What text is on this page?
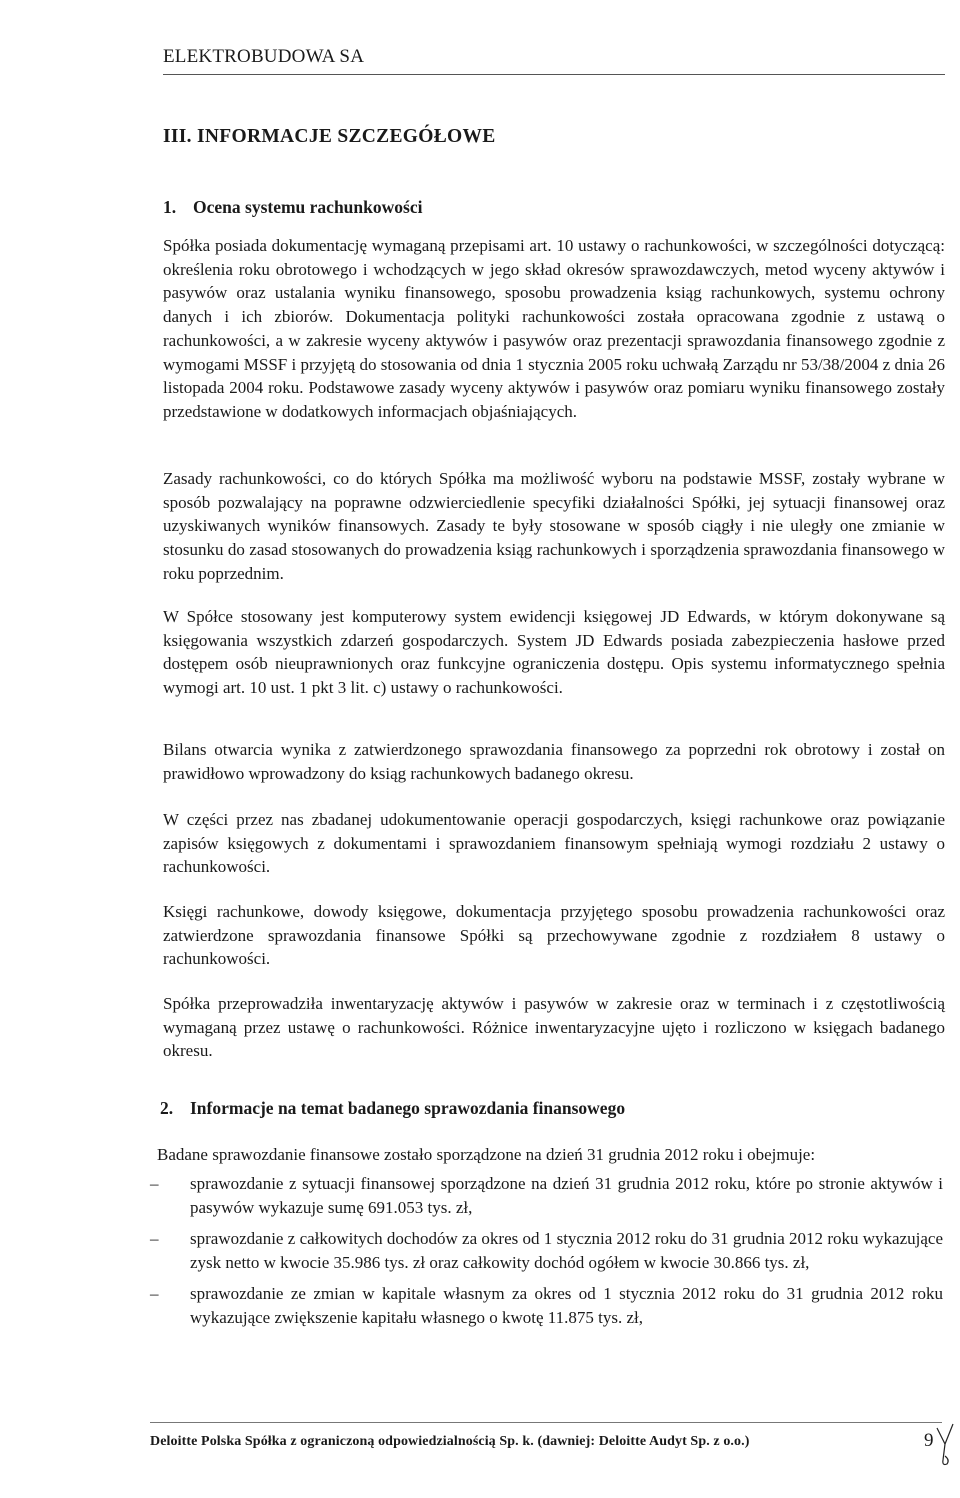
ELEKTROBUDOWA SA
III. INFORMACJE SZCZEGÓŁOWE
1. Ocena systemu rachunkowości
Spółka posiada dokumentację wymaganą przepisami art. 10 ustawy o rachunkowości, w szczególności dotyczącą: określenia roku obrotowego i wchodzących w jego skład okresów sprawozdawczych, metod wyceny aktywów i pasywów oraz ustalania wyniku finansowego, sposobu prowadzenia ksiąg rachunkowych, systemu ochrony danych i ich zbiorów. Dokumentacja polityki rachunkowości została opracowana zgodnie z ustawą o rachunkowości, a w zakresie wyceny aktywów i pasywów oraz prezentacji sprawozdania finansowego zgodnie z wymogami MSSF i przyjętą do stosowania od dnia 1 stycznia 2005 roku uchwałą Zarządu nr 53/38/2004 z dnia 26 listopada 2004 roku. Podstawowe zasady wyceny aktywów i pasywów oraz pomiaru wyniku finansowego zostały przedstawione w dodatkowych informacjach objaśniających.
Zasady rachunkowości, co do których Spółka ma możliwość wyboru na podstawie MSSF, zostały wybrane w sposób pozwalający na poprawne odzwierciedlenie specyfiki działalności Spółki, jej sytuacji finansowej oraz uzyskiwanych wyników finansowych. Zasady te były stosowane w sposób ciągły i nie uległy one zmianie w stosunku do zasad stosowanych do prowadzenia ksiąg rachunkowych i sporządzenia sprawozdania finansowego w roku poprzednim.
W Spółce stosowany jest komputerowy system ewidencji księgowej JD Edwards, w którym dokonywane są księgowania wszystkich zdarzeń gospodarczych. System JD Edwards posiada zabezpieczenia hasłowe przed dostępem osób nieuprawnionych oraz funkcyjne ograniczenia dostępu. Opis systemu informatycznego spełnia wymogi art. 10 ust. 1 pkt 3 lit. c) ustawy o rachunkowości.
Bilans otwarcia wynika z zatwierdzonego sprawozdania finansowego za poprzedni rok obrotowy i został on prawidłowo wprowadzony do ksiąg rachunkowych badanego okresu.
W części przez nas zbadanej udokumentowanie operacji gospodarczych, księgi rachunkowe oraz powiązanie zapisów księgowych z dokumentami i sprawozdaniem finansowym spełniają wymogi rozdziału 2 ustawy o rachunkowości.
Księgi rachunkowe, dowody księgowe, dokumentacja przyjętego sposobu prowadzenia rachunkowości oraz zatwierdzone sprawozdania finansowe Spółki są przechowywane zgodnie z rozdziałem 8 ustawy o rachunkowości.
Spółka przeprowadziła inwentaryzację aktywów i pasywów w zakresie oraz w terminach i z częstotliwością wymaganą przez ustawę o rachunkowości. Różnice inwentaryzacyjne ujęto i rozliczono w księgach badanego okresu.
2. Informacje na temat badanego sprawozdania finansowego
Badane sprawozdanie finansowe zostało sporządzone na dzień 31 grudnia 2012 roku i obejmuje:
– sprawozdanie z sytuacji finansowej sporządzone na dzień 31 grudnia 2012 roku, które po stronie aktywów i pasywów wykazuje sumę 691.053 tys. zł,
– sprawozdanie z całkowitych dochodów za okres od 1 stycznia 2012 roku do 31 grudnia 2012 roku wykazujące zysk netto w kwocie 35.986 tys. zł oraz całkowity dochód ogółem w kwocie 30.866 tys. zł,
– sprawozdanie ze zmian w kapitale własnym za okres od 1 stycznia 2012 roku do 31 grudnia 2012 roku wykazujące zwiększenie kapitału własnego o kwotę 11.875 tys. zł,
Deloitte Polska Spółka z ograniczoną odpowiedzialnością Sp. k. (dawniej: Deloitte Audyt Sp. z o.o.)	9
